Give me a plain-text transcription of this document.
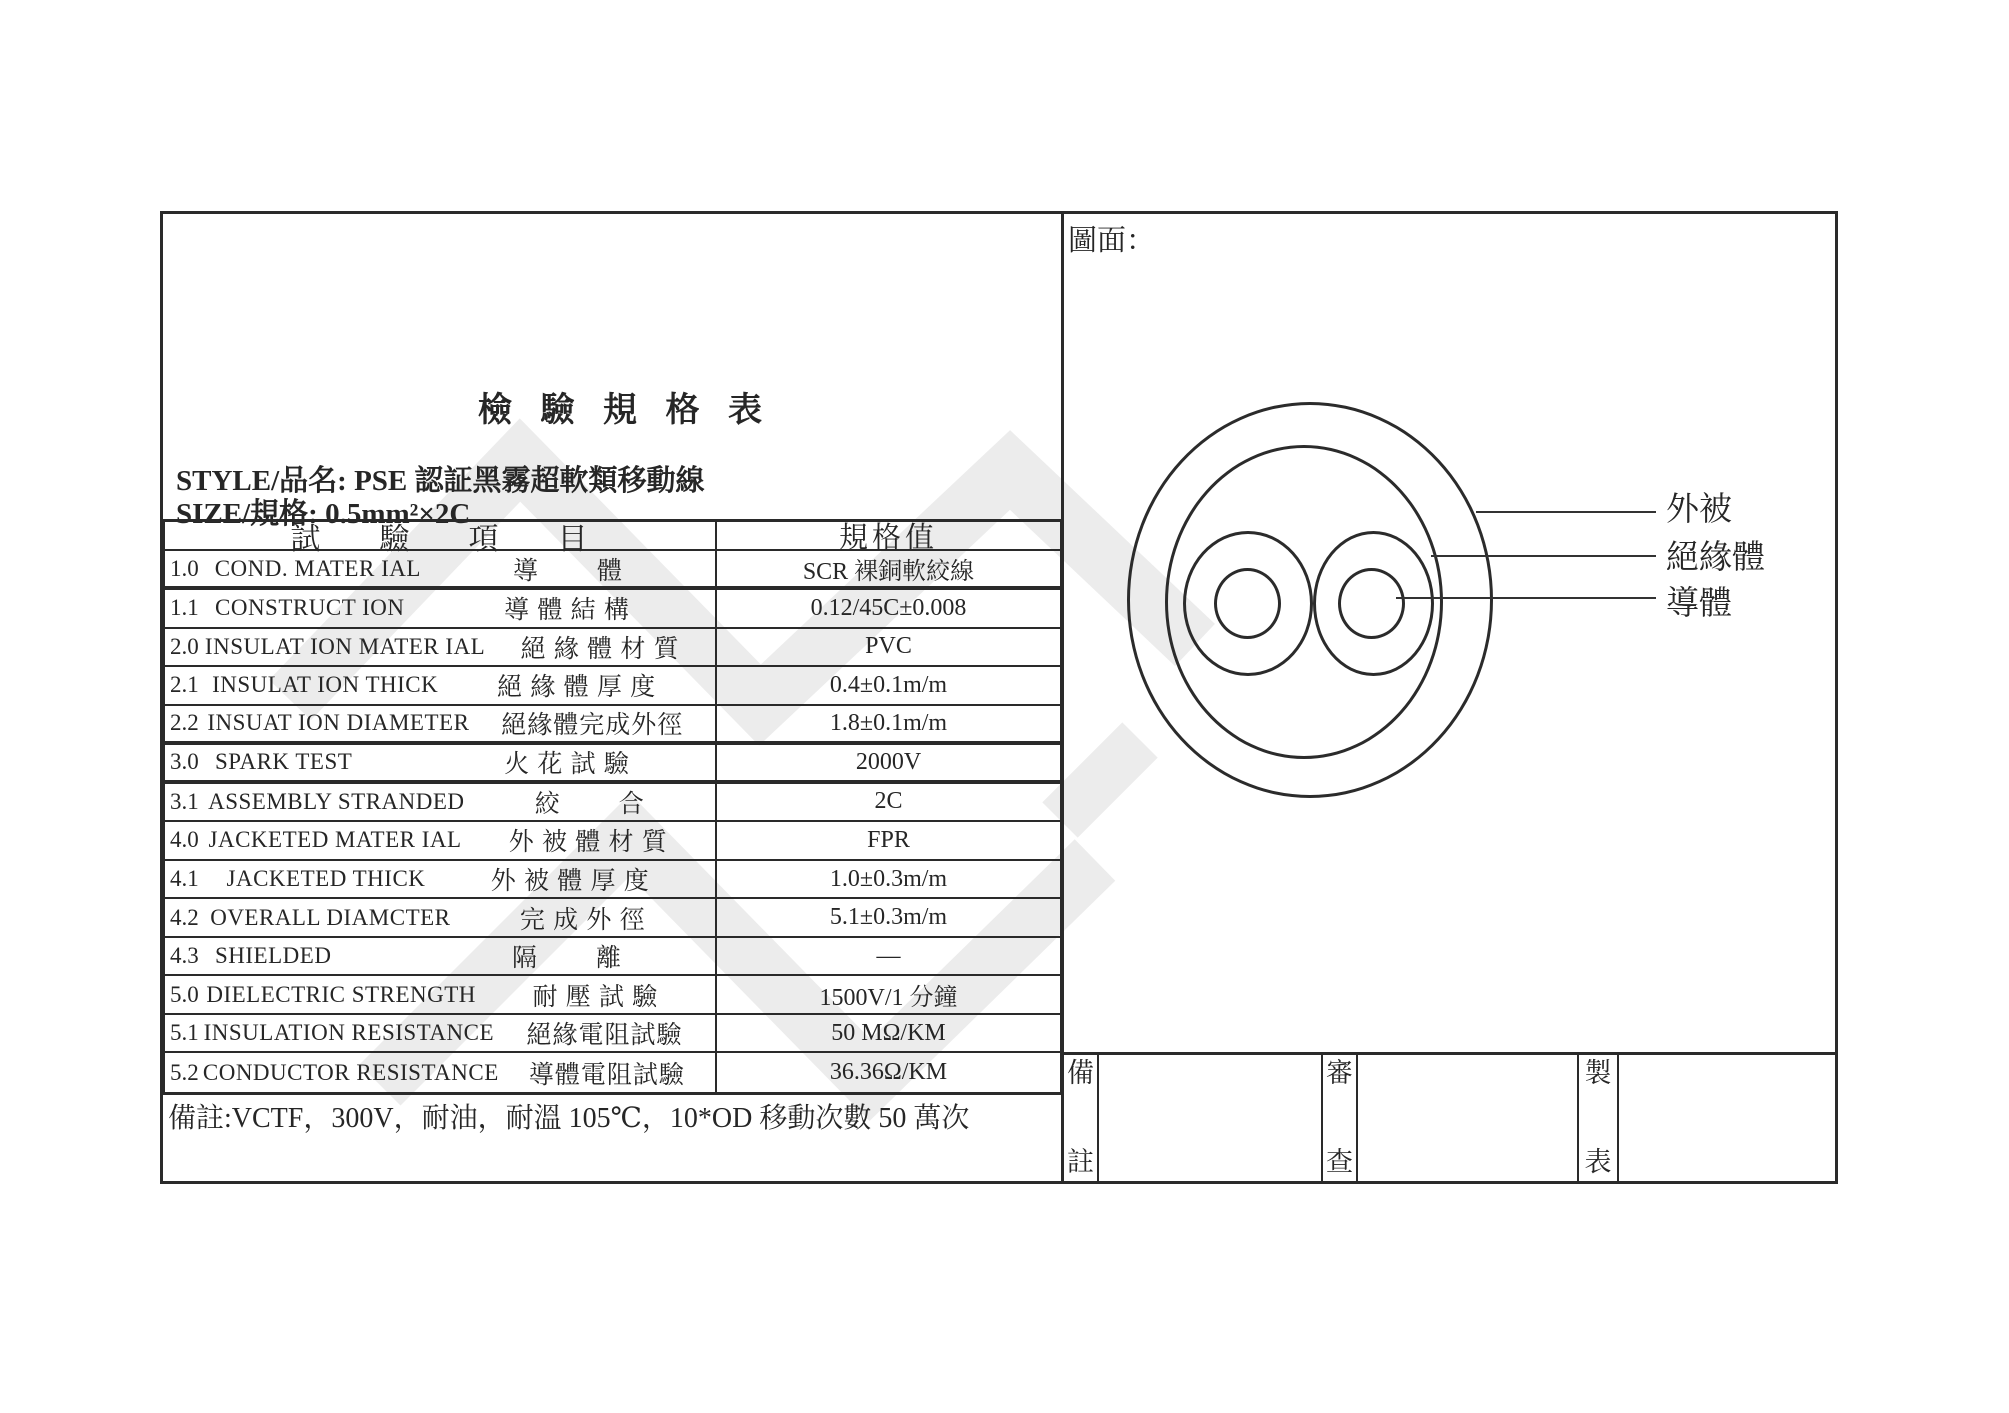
檢 驗 規 格 表
STYLE/品名: PSE 認証黑霧超軟類移動線
SIZE/規格: 0.5mm²×2C
試      驗      項      目	規格值
1.0 COND. MATER IAL	導        體	SCR 裸銅軟絞線
1.1 CONSTRUCT ION	導 體 結 構	0.12/45C±0.008
2.0 INSULAT ION MATER IAL	絕 緣 體 材 質	PVC
2.1 INSULAT ION THICK	絕 緣 體 厚 度	0.4±0.1m/m
2.2 INSUAT ION DIAMETER	絕緣體完成外徑	1.8±0.1m/m
3.0 SPARK TEST	火 花 試 驗	2000V
3.1 ASSEMBLY STRANDED	絞        合	2C
4.0 JACKETED MATER IAL	外 被 體 材 質	FPR
4.1 JACKETED THICK	外 被 體 厚 度	1.0±0.3m/m
4.2 OVERALL DIAMCTER	完 成 外 徑	5.1±0.3m/m
4.3 SHIELDED	隔        離	—
5.0 DIELECTRIC STRENGTH	耐 壓 試 驗	1500V/1 分鐘
5.1 INSULATION RESISTANCE	絕緣電阻試驗	50 MΩ/KM
5.2 CONDUCTOR RESISTANCE	導體電阻試驗	36.36Ω/KM
備註:VCTF，300V，耐油，耐溫 105℃，10*OD 移動次數 50 萬次
圖面：
外被
絕緣體
導體
備
註
審
查
製
表
